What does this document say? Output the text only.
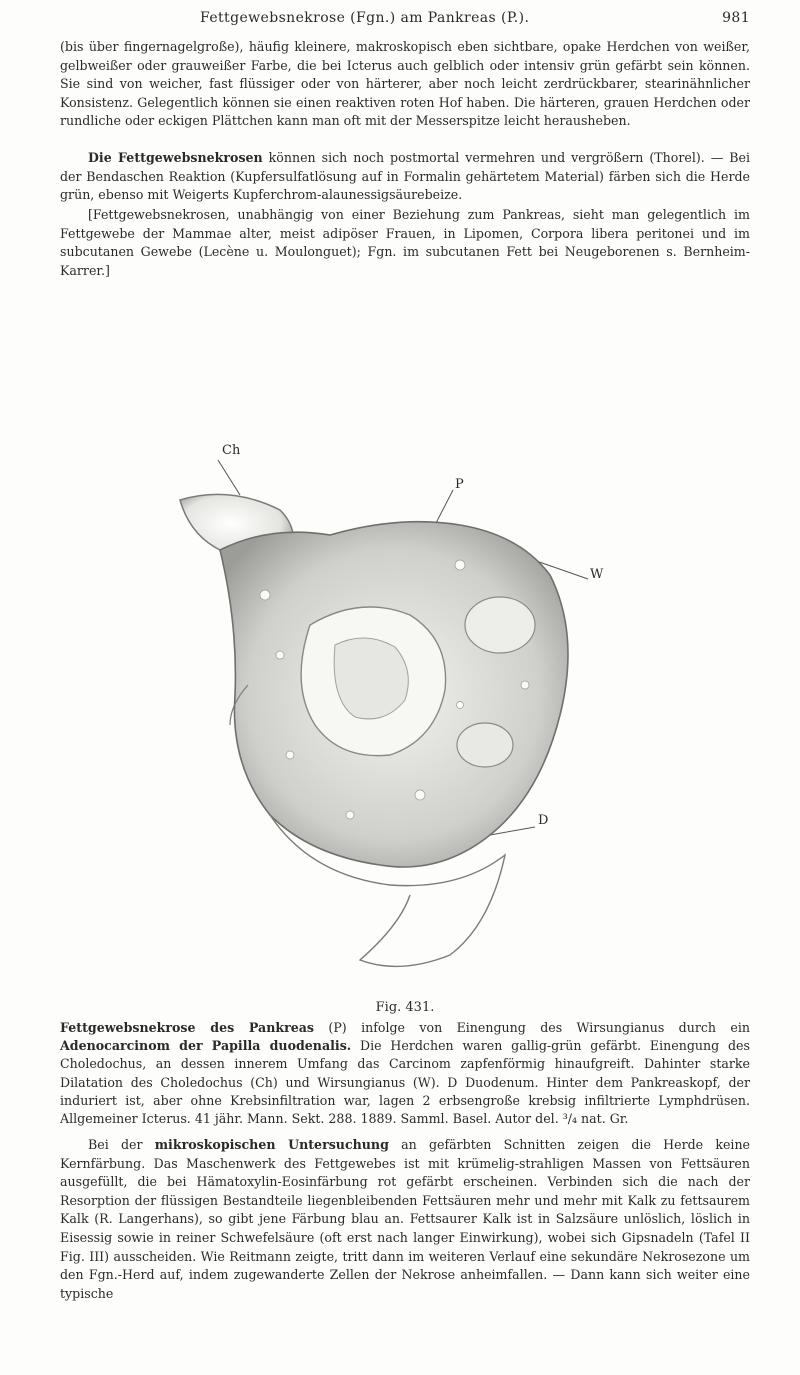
Fettgewebsnekrose (Fgn.) am Pankreas (P.).	981

(bis über fingernagelgroße), häufig kleinere, makroskopisch eben sichtbare, opake Herdchen von weißer, gelbweißer oder grauweißer Farbe, die bei Icterus auch gelblich oder intensiv grün gefärbt sein können. Sie sind von weicher, fast flüssiger oder von härterer, aber noch leicht zerdrückbarer, stearinähnlicher Konsistenz. Gelegentlich können sie einen reaktiven roten Hof haben. Die härteren, grauen Herdchen oder rundliche oder eckigen Plättchen kann man oft mit der Messerspitze leicht herausheben.

Die Fettgewebsnekrosen können sich noch postmortal vermehren und vergrößern (Thorel). — Bei der Bendaschen Reaktion (Kupfersulfatlösung auf in Formalin gehärtetem Material) färben sich die Herde grün, ebenso mit Weigerts Kupferchrom-alaunessigsäurebeize.

[Fettgewebsnekrosen, unabhängig von einer Beziehung zum Pankreas, sieht man gelegentlich im Fettgewebe der Mammae alter, meist adipöser Frauen, in Lipomen, Corpora libera peritonei und im subcutanen Gewebe (Lecène u. Moulonguet); Fgn. im subcutanen Fett bei Neugeborenen s. Bernheim-Karrer.]

Ch
P
W
D
Fig. 431.

Fettgewebsnekrose des Pankreas (P) infolge von Einengung des Wirsungianus durch ein Adenocarcinom der Papilla duodenalis. Die Herdchen waren gallig-grün gefärbt. Einengung des Choledochus, an dessen innerem Umfang das Carcinom zapfenförmig hinaufgreift. Dahinter starke Dilatation des Choledochus (Ch) und Wirsungianus (W). D Duodenum. Hinter dem Pankreaskopf, der induriert ist, aber ohne Krebsinfiltration war, lagen 2 erbsengroße krebsig infiltrierte Lymphdrüsen. Allgemeiner Icterus. 41 jähr. Mann. Sekt. 288. 1889. Samml. Basel. Autor del. ³/₄ nat. Gr.

Bei der mikroskopischen Untersuchung an gefärbten Schnitten zeigen die Herde keine Kernfärbung. Das Maschenwerk des Fettgewebes ist mit krümelig-strahligen Massen von Fettsäuren ausgefüllt, die bei Hämatoxylin-Eosinfärbung rot gefärbt erscheinen. Verbinden sich die nach der Resorption der flüssigen Bestandteile liegenbleibenden Fettsäuren mehr und mehr mit Kalk zu fettsaurem Kalk (R. Langerhans), so gibt jene Färbung blau an. Fettsaurer Kalk ist in Salzsäure unlöslich, löslich in Eisessig sowie in reiner Schwefelsäure (oft erst nach langer Einwirkung), wobei sich Gipsnadeln (Tafel II Fig. III) ausscheiden. Wie Reitmann zeigte, tritt dann im weiteren Verlauf eine sekundäre Nekrosezone um den Fgn.-Herd auf, indem zugewanderte Zellen der Nekrose anheimfallen. — Dann kann sich weiter eine typische
